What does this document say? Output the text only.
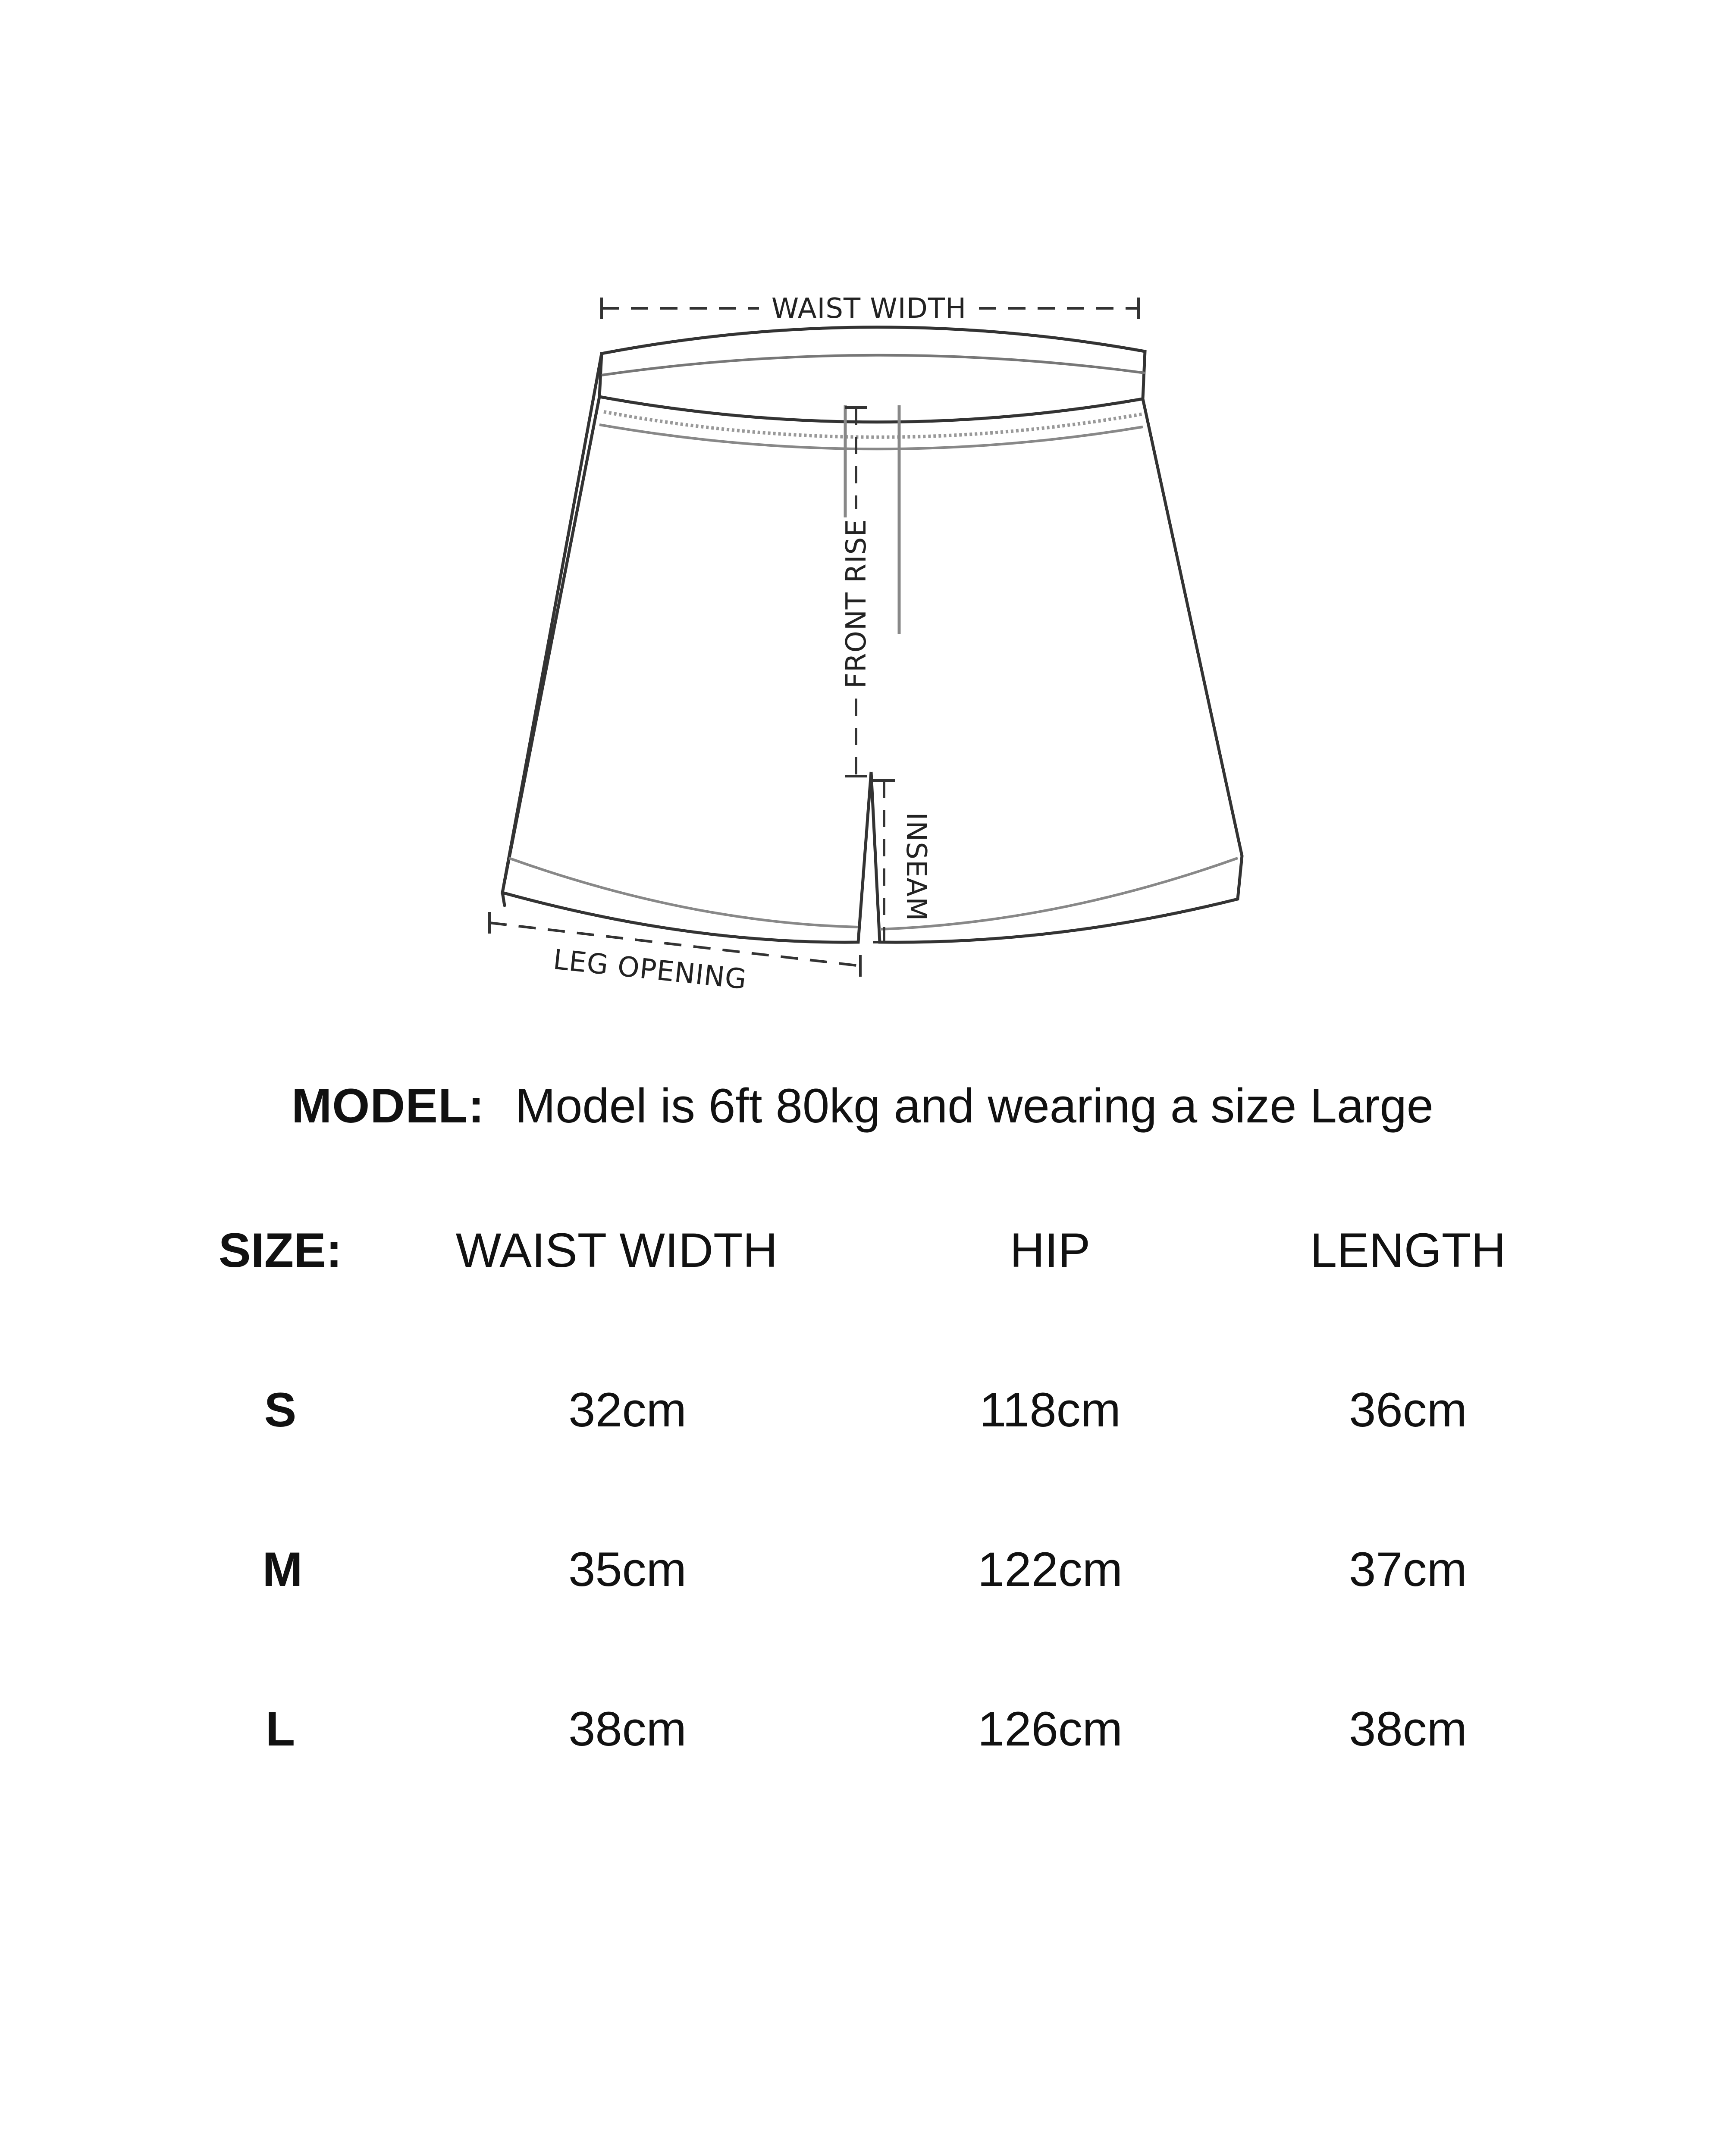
WAIST WIDTH
FRONT RISE
INSEAM
LEG OPENING
MODEL: Model is 6ft 80kg and wearing a size Large
SIZE:	WAIST WIDTH	HIP	LENGTH
S	32cm	118cm	36cm
M	35cm	122cm	37cm
L	38cm	126cm	38cm
